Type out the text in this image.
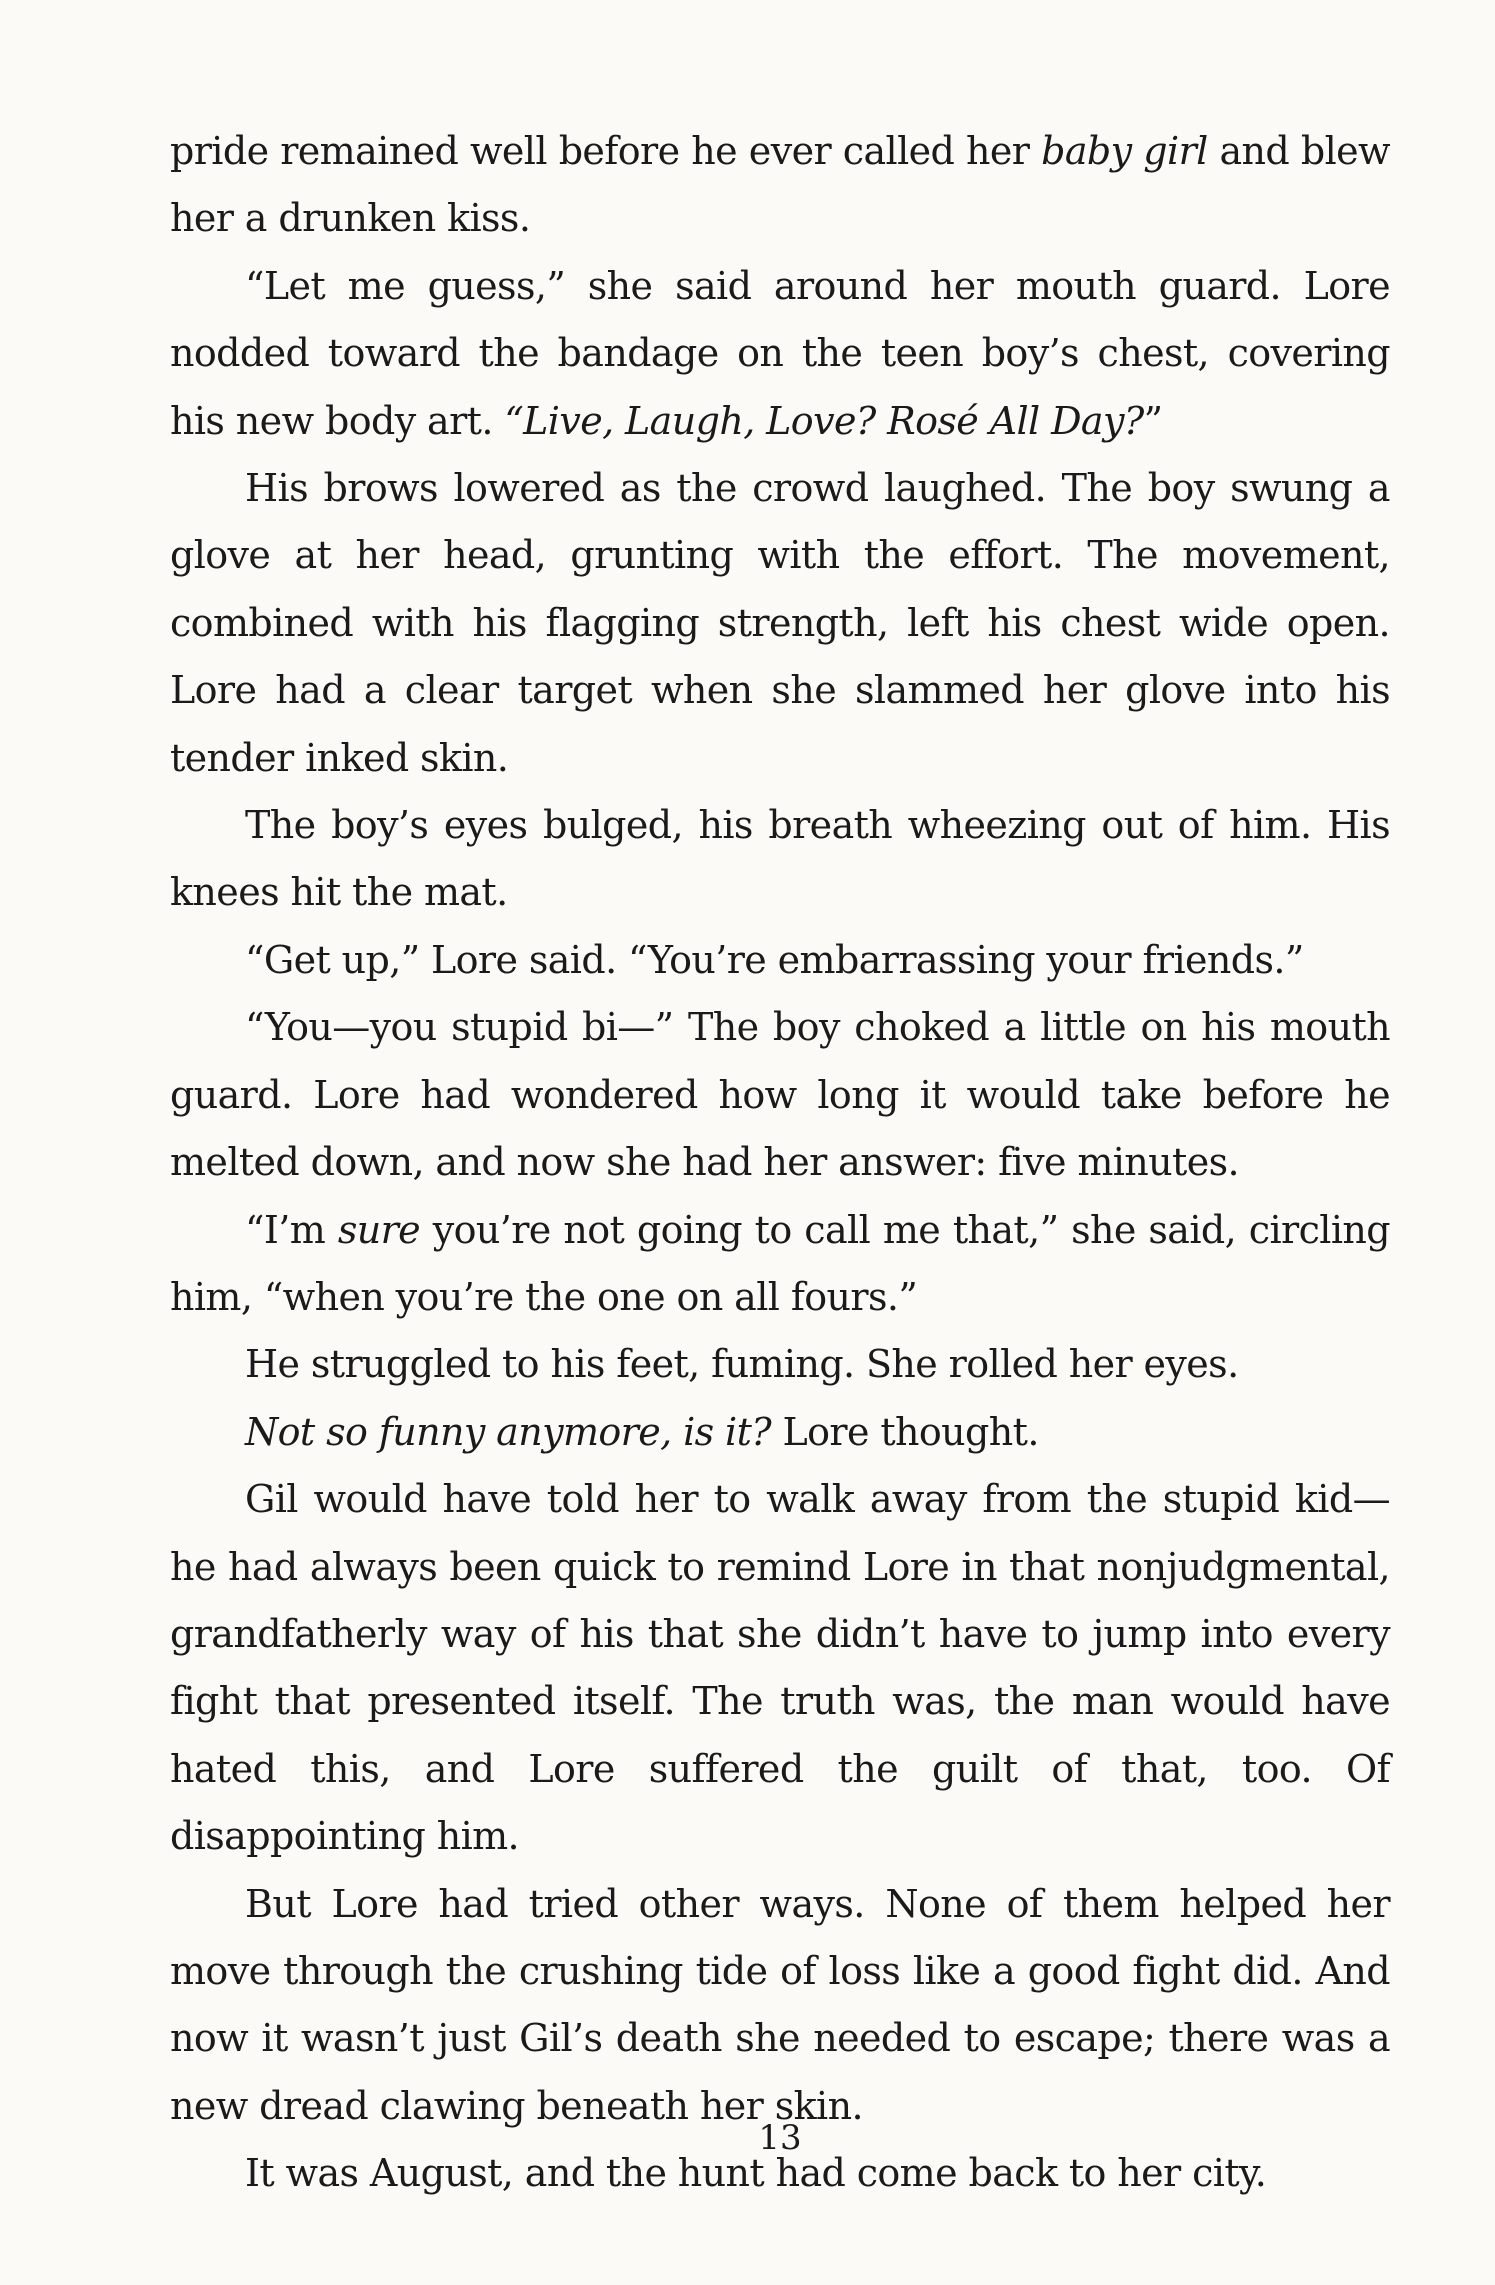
pride remained well before he ever called her baby girl and blew her a drunken kiss.

“Let me guess,” she said around her mouth guard. Lore nodded toward the bandage on the teen boy’s chest, covering his new body art. “Live, Laugh, Love? Rosé All Day?”

His brows lowered as the crowd laughed. The boy swung a glove at her head, grunting with the effort. The movement, combined with his flagging strength, left his chest wide open. Lore had a clear target when she slammed her glove into his tender inked skin.

The boy’s eyes bulged, his breath wheezing out of him. His knees hit the mat.

“Get up,” Lore said. “You’re embarrassing your friends.”

“You—you stupid bi—” The boy choked a little on his mouth guard. Lore had wondered how long it would take before he melted down, and now she had her answer: five minutes.

“I’m sure you’re not going to call me that,” she said, circling him, “when you’re the one on all fours.”

He struggled to his feet, fuming. She rolled her eyes.

Not so funny anymore, is it? Lore thought.

Gil would have told her to walk away from the stupid kid—he had always been quick to remind Lore in that nonjudgmental, grandfatherly way of his that she didn’t have to jump into every fight that presented itself. The truth was, the man would have hated this, and Lore suffered the guilt of that, too. Of disappointing him.

But Lore had tried other ways. None of them helped her move through the crushing tide of loss like a good fight did. And now it wasn’t just Gil’s death she needed to escape; there was a new dread clawing beneath her skin.

It was August, and the hunt had come back to her city.

13
